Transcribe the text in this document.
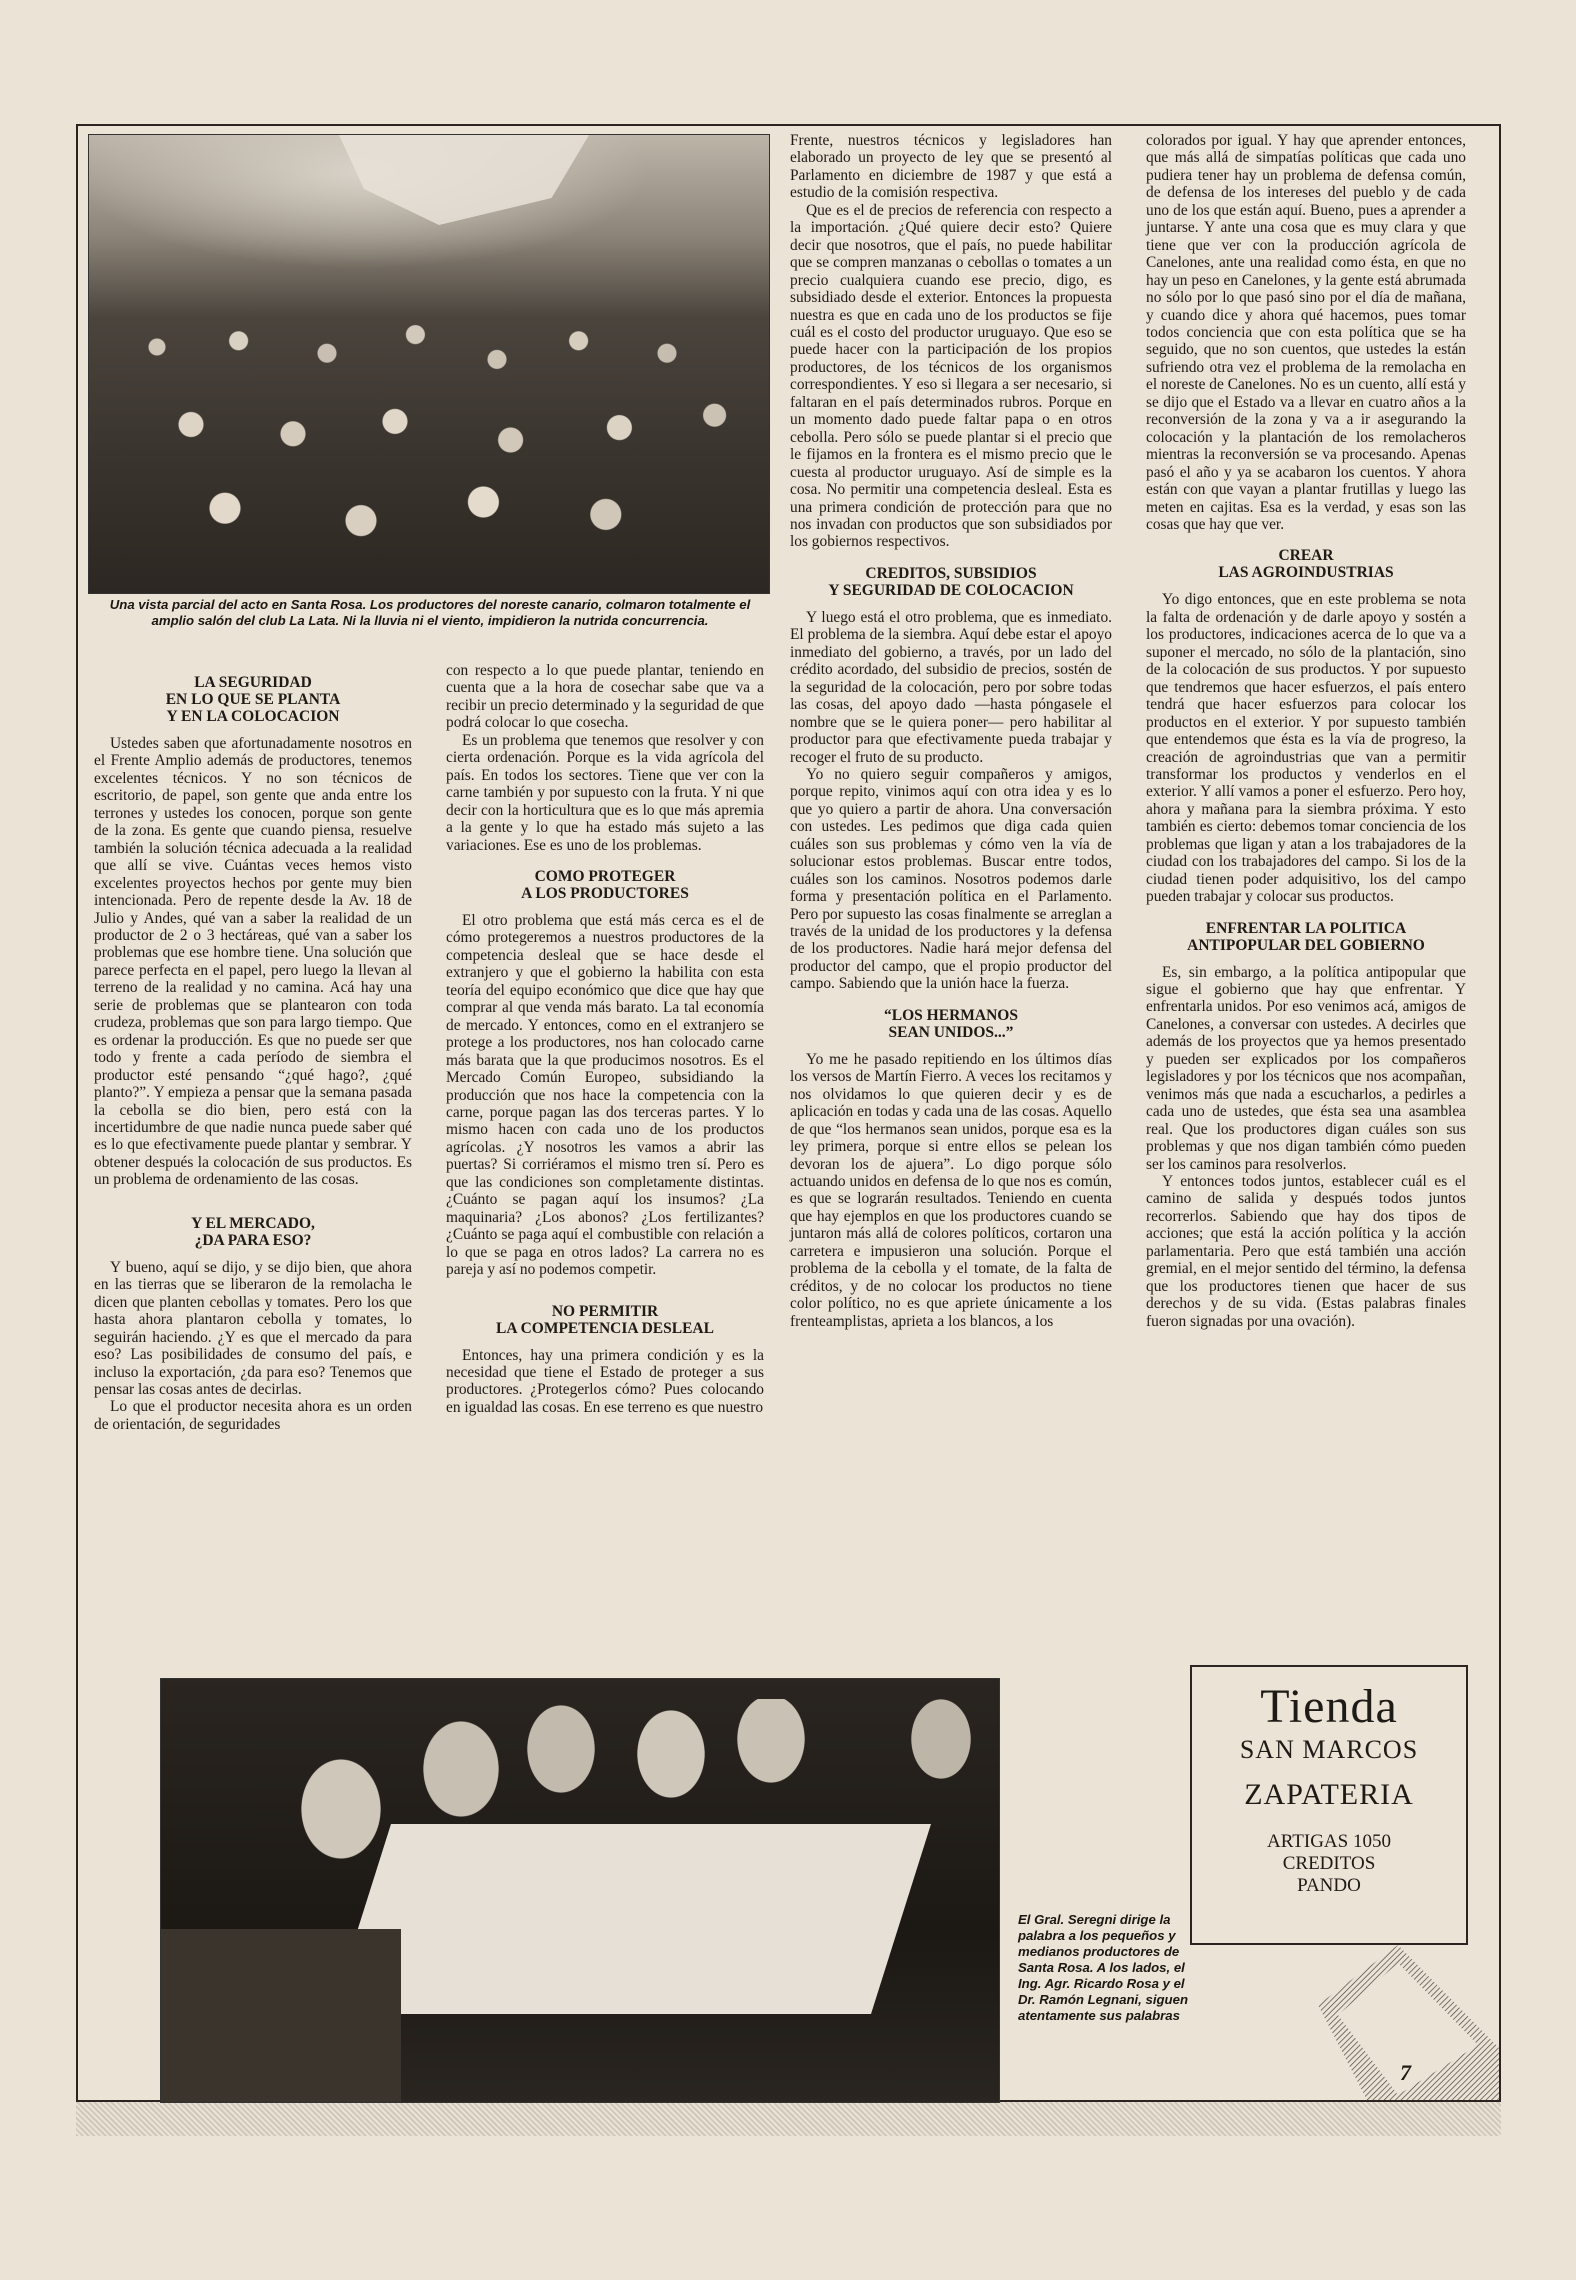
Una vista parcial del acto en Santa Rosa. Los productores del noreste canario, colmaron totalmente el amplio salón del club La Lata. Ni la lluvia ni el viento, impidieron la nutrida concurrencia.
LA SEGURIDAD
EN LO QUE SE PLANTA
Y EN LA COLOCACION

Ustedes saben que afortunadamente nosotros en el Frente Amplio además de productores, tenemos excelentes técnicos. Y no son técnicos de escritorio, de papel, son gente que anda entre los terrones y ustedes los conocen, porque son gente de la zona. Es gente que cuando piensa, resuelve también la solución técnica adecuada a la realidad que allí se vive. Cuántas veces hemos visto excelentes proyectos hechos por gente muy bien intencionada. Pero de repente desde la Av. 18 de Julio y Andes, qué van a saber la realidad de un productor de 2 o 3 hectáreas, qué van a saber los problemas que ese hombre tiene. Una solución que parece perfecta en el papel, pero luego la llevan al terreno de la realidad y no camina. Acá hay una serie de problemas que se plantearon con toda crudeza, problemas que son para largo tiempo. Que es ordenar la producción. Es que no puede ser que todo y frente a cada período de siembra el productor esté pensando “¿qué hago?, ¿qué planto?”. Y empieza a pensar que la semana pasada la cebolla se dio bien, pero está con la incertidumbre de que nadie nunca puede saber qué es lo que efectivamente puede plantar y sembrar. Y obtener después la colocación de sus productos. Es un problema de ordenamiento de las cosas.

Y EL MERCADO,
¿DA PARA ESO?

Y bueno, aquí se dijo, y se dijo bien, que ahora en las tierras que se liberaron de la remolacha le dicen que planten cebollas y tomates. Pero los que hasta ahora plantaron cebolla y tomates, lo seguirán haciendo. ¿Y es que el mercado da para eso? Las posibilidades de consumo del país, e incluso la exportación, ¿da para eso? Tenemos que pensar las cosas antes de decirlas.

Lo que el productor necesita ahora es un orden de orientación, de seguridades

con respecto a lo que puede plantar, teniendo en cuenta que a la hora de cosechar sabe que va a recibir un precio determinado y la seguridad de que podrá colocar lo que cosecha.

Es un problema que tenemos que resolver y con cierta ordenación. Porque es la vida agrícola del país. En todos los sectores. Tiene que ver con la carne también y por supuesto con la fruta. Y ni que decir con la horticultura que es lo que más apremia a la gente y lo que ha estado más sujeto a las variaciones. Ese es uno de los problemas.

COMO PROTEGER
A LOS PRODUCTORES

El otro problema que está más cerca es el de cómo protegeremos a nuestros productores de la competencia desleal que se hace desde el extranjero y que el gobierno la habilita con esta teoría del equipo económico que dice que hay que comprar al que venda más barato. La tal economía de mercado. Y entonces, como en el extranjero se protege a los productores, nos han colocado carne más barata que la que producimos nosotros. Es el Mercado Común Europeo, subsidiando la producción que nos hace la competencia con la carne, porque pagan las dos terceras partes. Y lo mismo hacen con cada uno de los productos agrícolas. ¿Y nosotros les vamos a abrir las puertas? Si corriéramos el mismo tren sí. Pero es que las condiciones son completamente distintas. ¿Cuánto se pagan aquí los insumos? ¿La maquinaria? ¿Los abonos? ¿Los fertilizantes? ¿Cuánto se paga aquí el combustible con relación a lo que se paga en otros lados? La carrera no es pareja y así no podemos competir.

NO PERMITIR
LA COMPETENCIA DESLEAL

Entonces, hay una primera condición y es la necesidad que tiene el Estado de proteger a sus productores. ¿Protegerlos cómo? Pues colocando en igualdad las cosas. En ese terreno es que nuestro

Frente, nuestros técnicos y legisladores han elaborado un proyecto de ley que se presentó al Parlamento en diciembre de 1987 y que está a estudio de la comisión respectiva.

Que es el de precios de referencia con respecto a la importación. ¿Qué quiere decir esto? Quiere decir que nosotros, que el país, no puede habilitar que se compren manzanas o cebollas o tomates a un precio cualquiera cuando ese precio, digo, es subsidiado desde el exterior. Entonces la propuesta nuestra es que en cada uno de los productos se fije cuál es el costo del productor uruguayo. Que eso se puede hacer con la participación de los propios productores, de los técnicos de los organismos correspondientes. Y eso si llegara a ser necesario, si faltaran en el país determinados rubros. Porque en un momento dado puede faltar papa o en otros cebolla. Pero sólo se puede plantar si el precio que le fijamos en la frontera es el mismo precio que le cuesta al productor uruguayo. Así de simple es la cosa. No permitir una competencia desleal. Esta es una primera condición de protección para que no nos invadan con productos que son subsidiados por los gobiernos respectivos.

CREDITOS, SUBSIDIOS
Y SEGURIDAD DE COLOCACION

Y luego está el otro problema, que es inmediato. El problema de la siembra. Aquí debe estar el apoyo inmediato del gobierno, a través, por un lado del crédito acordado, del subsidio de precios, sostén de la seguridad de la colocación, pero por sobre todas las cosas, del apoyo dado —hasta póngasele el nombre que se le quiera poner— pero habilitar al productor para que efectivamente pueda trabajar y recoger el fruto de su producto.

Yo no quiero seguir compañeros y amigos, porque repito, vinimos aquí con otra idea y es lo que yo quiero a partir de ahora. Una conversación con ustedes. Les pedimos que diga cada quien cuáles son sus problemas y cómo ven la vía de solucionar estos problemas. Buscar entre todos, cuáles son los caminos. Nosotros podemos darle forma y presentación política en el Parlamento. Pero por supuesto las cosas finalmente se arreglan a través de la unidad de los productores y la defensa de los productores. Nadie hará mejor defensa del productor del campo, que el propio productor del campo. Sabiendo que la unión hace la fuerza.

“LOS HERMANOS
SEAN UNIDOS...”

Yo me he pasado repitiendo en los últimos días los versos de Martín Fierro. A veces los recitamos y nos olvidamos lo que quieren decir y es de aplicación en todas y cada una de las cosas. Aquello de que “los hermanos sean unidos, porque esa es la ley primera, porque si entre ellos se pelean los devoran los de ajuera”. Lo digo porque sólo actuando unidos en defensa de lo que nos es común, es que se lograrán resultados. Teniendo en cuenta que hay ejemplos en que los productores cuando se juntaron más allá de colores políticos, cortaron una carretera e impusieron una solución. Porque el problema de la cebolla y el tomate, de la falta de créditos, y de no colocar los productos no tiene color político, no es que apriete únicamente a los frenteamplistas, aprieta a los blancos, a los

colorados por igual. Y hay que aprender entonces, que más allá de simpatías políticas que cada uno pudiera tener hay un problema de defensa común, de defensa de los intereses del pueblo y de cada uno de los que están aquí. Bueno, pues a aprender a juntarse. Y ante una cosa que es muy clara y que tiene que ver con la producción agrícola de Canelones, ante una realidad como ésta, en que no hay un peso en Canelones, y la gente está abrumada no sólo por lo que pasó sino por el día de mañana, y cuando dice y ahora qué hacemos, pues tomar todos conciencia que con esta política que se ha seguido, que no son cuentos, que ustedes la están sufriendo otra vez el problema de la remolacha en el noreste de Canelones. No es un cuento, allí está y se dijo que el Estado va a llevar en cuatro años a la reconversión de la zona y va a ir asegurando la colocación y la plantación de los remolacheros mientras la reconversión se va procesando. Apenas pasó el año y ya se acabaron los cuentos. Y ahora están con que vayan a plantar frutillas y luego las meten en cajitas. Esa es la verdad, y esas son las cosas que hay que ver.

CREAR
LAS AGROINDUSTRIAS

Yo digo entonces, que en este problema se nota la falta de ordenación y de darle apoyo y sostén a los productores, indicaciones acerca de lo que va a suponer el mercado, no sólo de la plantación, sino de la colocación de sus productos. Y por supuesto que tendremos que hacer esfuerzos, el país entero tendrá que hacer esfuerzos para colocar los productos en el exterior. Y por supuesto también que entendemos que ésta es la vía de progreso, la creación de agroindustrias que van a permitir transformar los productos y venderlos en el exterior. Y allí vamos a poner el esfuerzo. Pero hoy, ahora y mañana para la siembra próxima. Y esto también es cierto: debemos tomar conciencia de los problemas que ligan y atan a los trabajadores de la ciudad con los trabajadores del campo. Si los de la ciudad tienen poder adquisitivo, los del campo pueden trabajar y colocar sus productos.

ENFRENTAR LA POLITICA
ANTIPOPULAR DEL GOBIERNO

Es, sin embargo, a la política antipopular que sigue el gobierno que hay que enfrentar. Y enfrentarla unidos. Por eso venimos acá, amigos de Canelones, a conversar con ustedes. A decirles que además de los proyectos que ya hemos presentado y pueden ser explicados por los compañeros legisladores y por los técnicos que nos acompañan, venimos más que nada a escucharlos, a pedirles a cada uno de ustedes, que ésta sea una asamblea real. Que los productores digan cuáles son sus problemas y que nos digan también cómo pueden ser los caminos para resolverlos.

Y entonces todos juntos, establecer cuál es el camino de salida y después todos juntos recorrerlos. Sabiendo que hay dos tipos de acciones; que está la acción política y la acción parlamentaria. Pero que está también una acción gremial, en el mejor sentido del término, la defensa que los productores tienen que hacer de sus derechos y de su vida. (Estas palabras finales fueron signadas por una ovación).

El Gral. Seregni dirige la palabra a los pequeños y medianos productores de Santa Rosa. A los lados, el Ing. Agr. Ricardo Rosa y el Dr. Ramón Legnani, siguen atentamente sus palabras
Tienda
SAN MARCOS
ZAPATERIA
ARTIGAS 1050
CREDITOS
PANDO
7
